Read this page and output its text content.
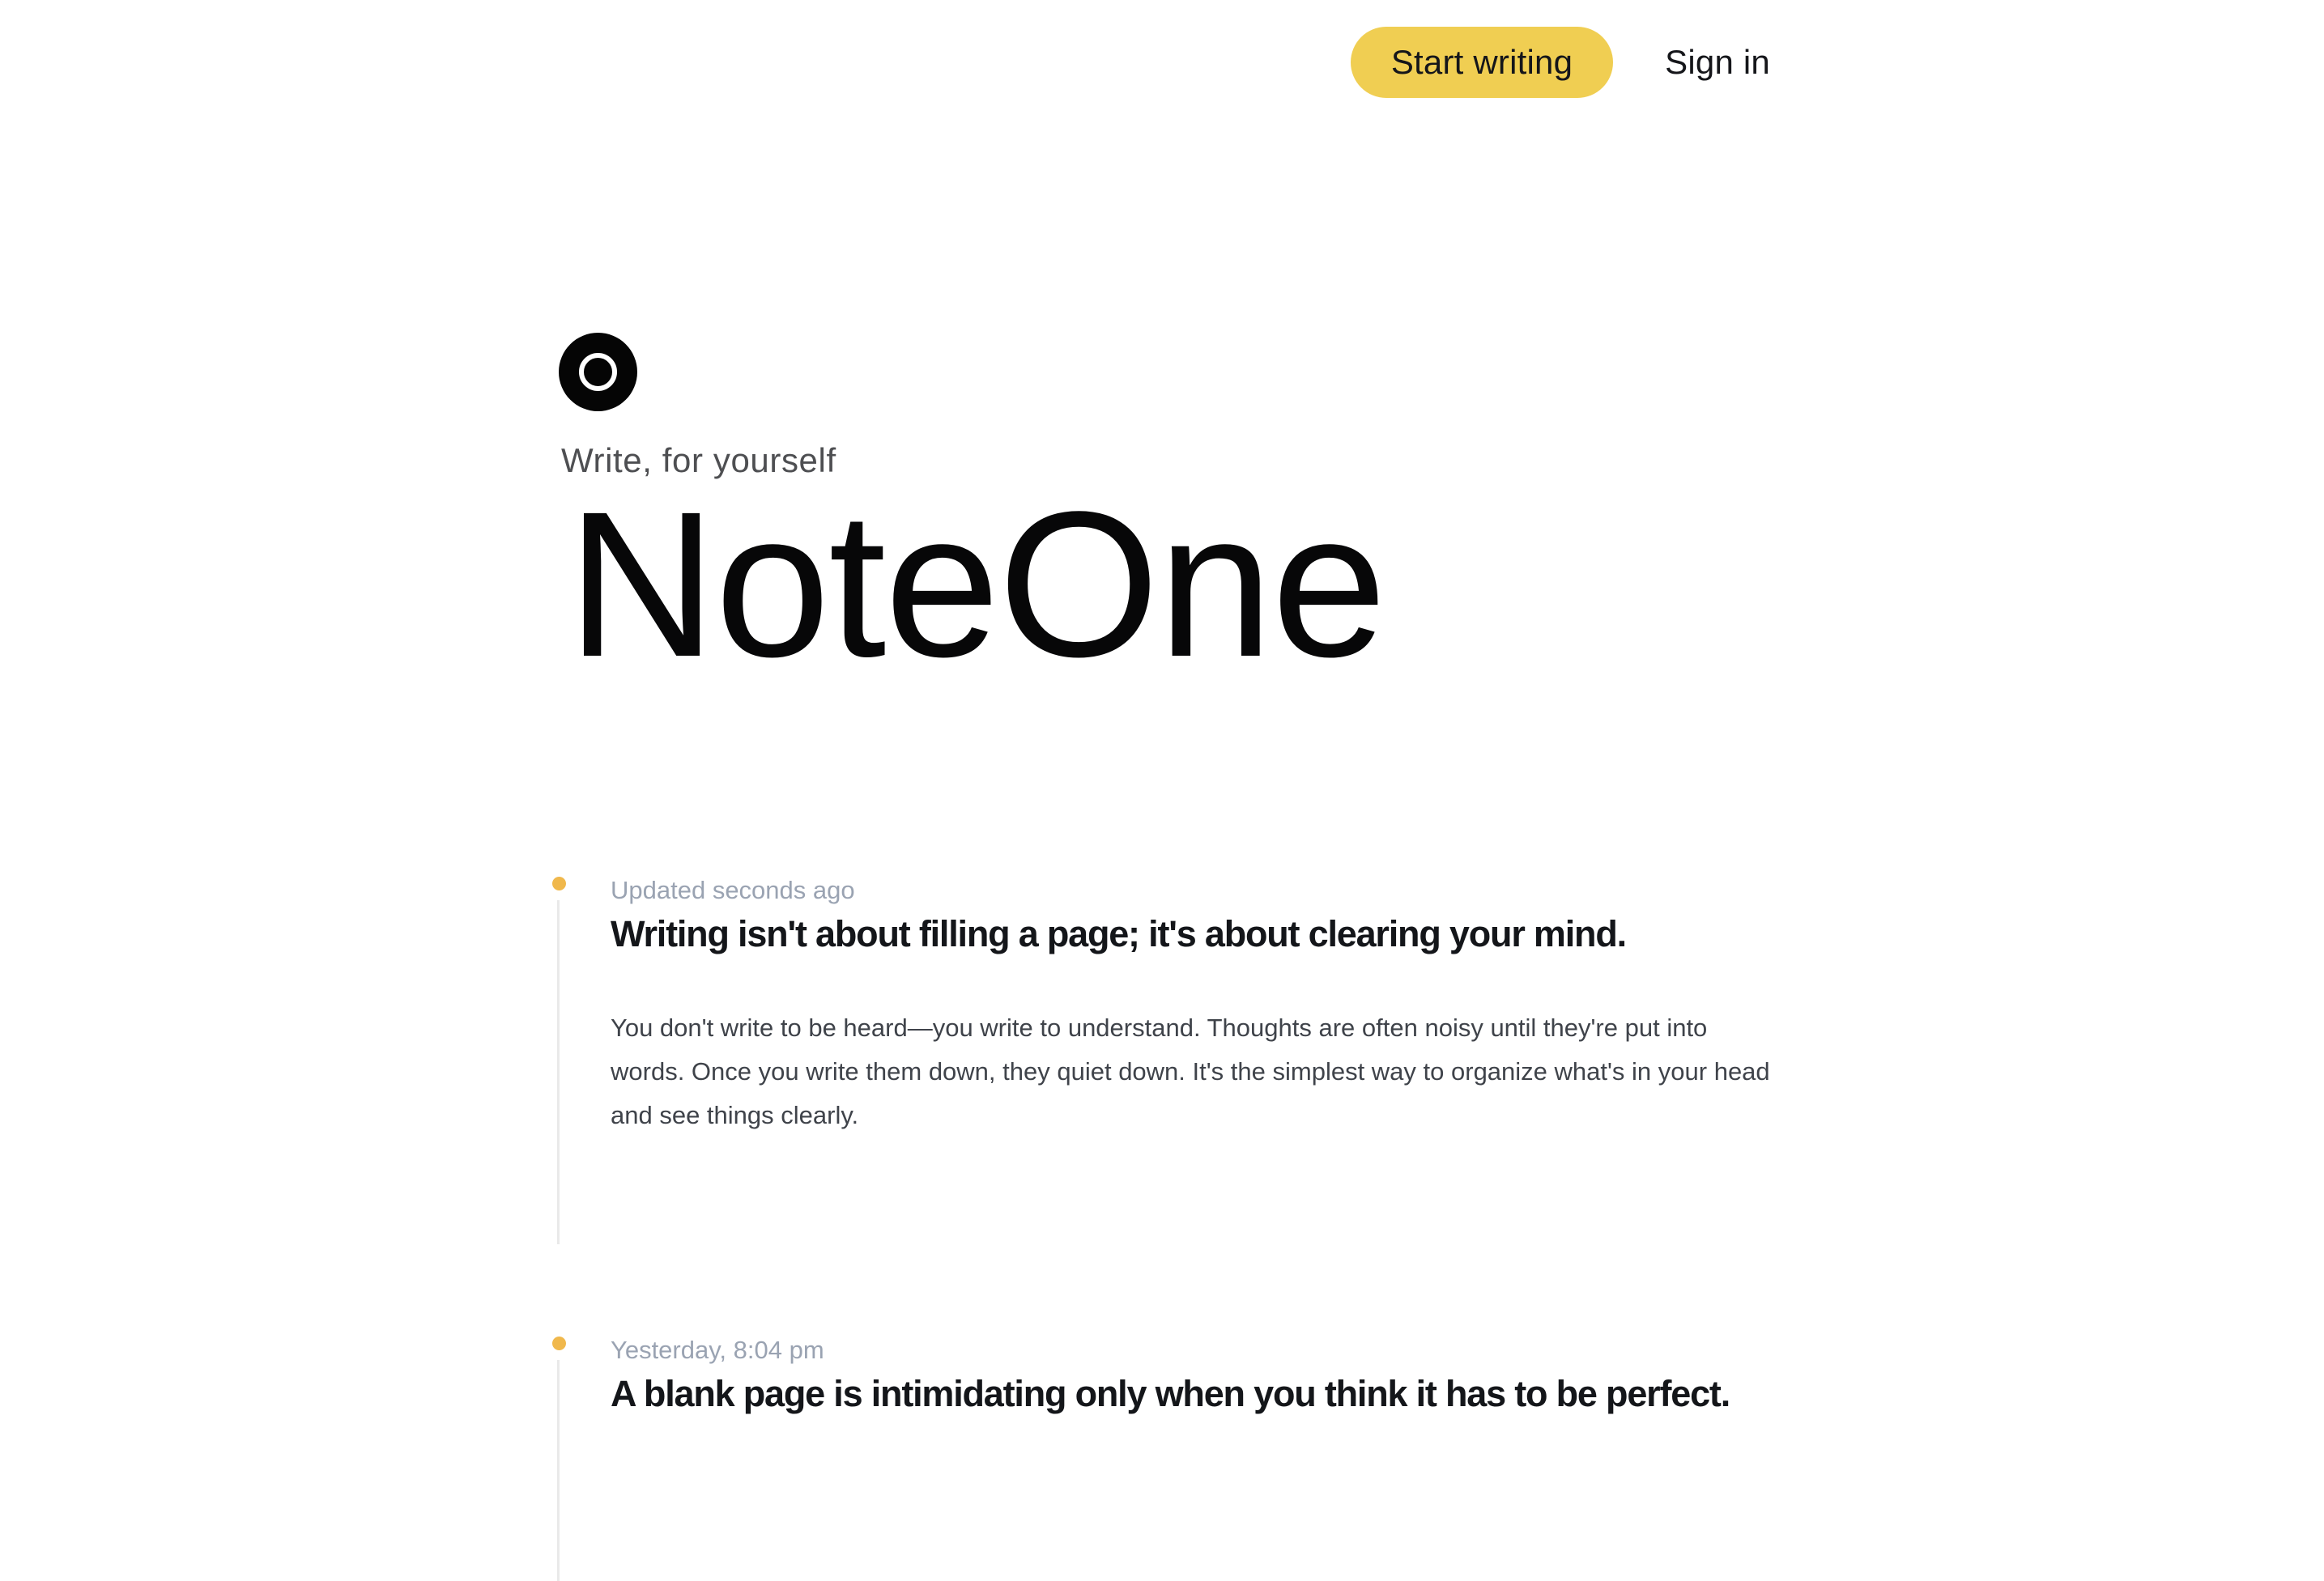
Start writing	Sign in

Write, for yourself

NoteOne

Updated seconds ago

Writing isn't about filling a page; it's about clearing your mind.

You don't write to be heard—you write to understand. Thoughts are often noisy until they're put into words. Once you write them down, they quiet down. It's the simplest way to organize what's in your head and see things clearly.

Yesterday, 8:04 pm

A blank page is intimidating only when you think it has to be perfect.
